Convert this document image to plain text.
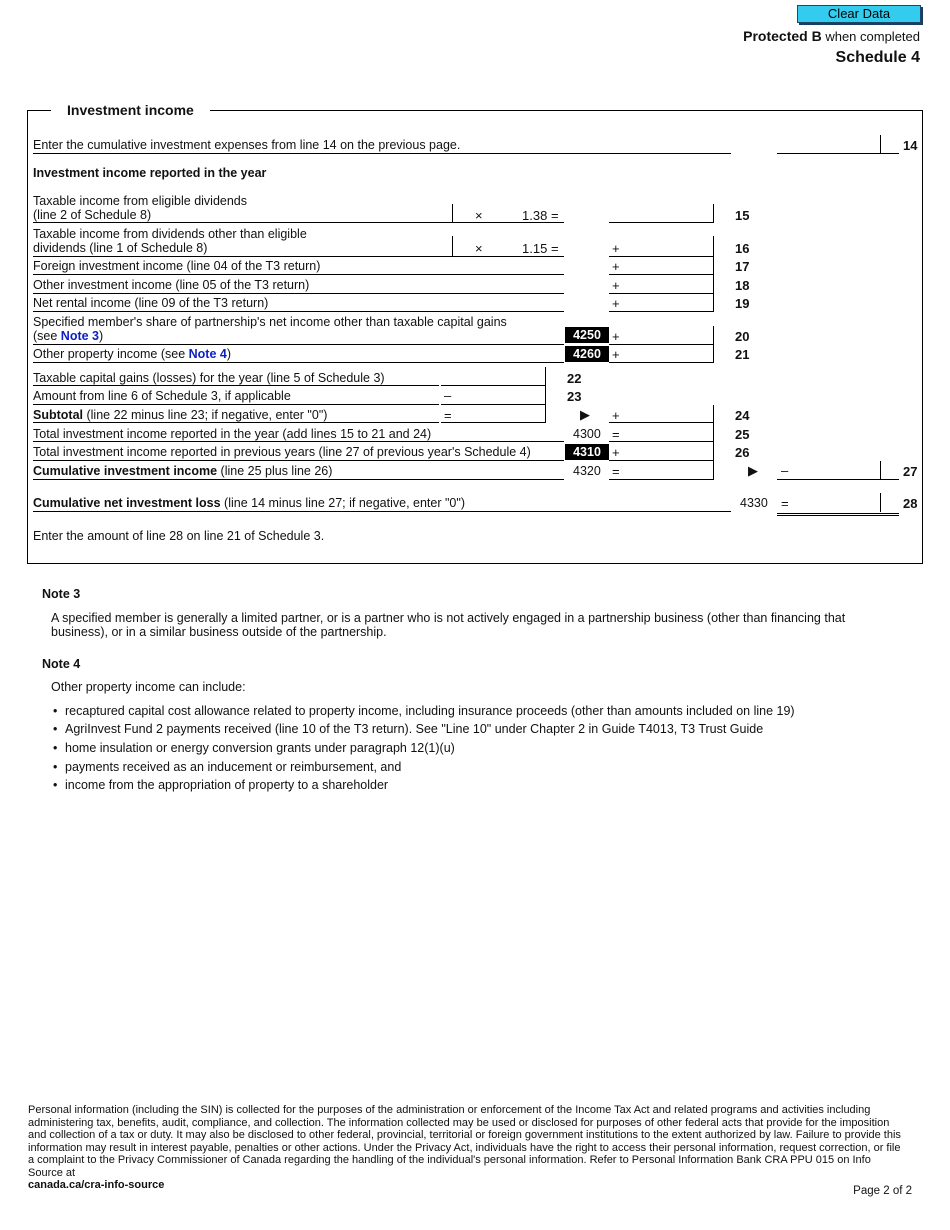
Clear Data
Protected B when completed
Schedule 4
Investment income
Enter the cumulative investment expenses from line 14 on the previous page.	14
Investment income reported in the year
Taxable income from eligible dividends
(line 2 of Schedule 8)	×	1.38 =	15
Taxable income from dividends other than eligible
dividends (line 1 of Schedule 8)	×	1.15 =	+	16
Foreign investment income (line 04 of the T3 return)	+	17
Other investment income (line 05 of the T3 return)	+	18
Net rental income (line 09 of the T3 return)	+	19
Specified member's share of partnership's net income other than taxable capital gains
(see Note 3)	4250 +	20
Other property income (see Note 4)	4260 +	21
Taxable capital gains (losses) for the year (line 5 of Schedule 3)	22
Amount from line 6 of Schedule 3, if applicable	–	23
Subtotal (line 22 minus line 23; if negative, enter "0")	=	▶ +	24
Total investment income reported in the year (add lines 15 to 21 and 24)	4300 =	25
Total investment income reported in previous years (line 27 of previous year's Schedule 4)	4310 +	26
Cumulative investment income (line 25 plus line 26)	4320 =	▶ –	27
Cumulative net investment loss (line 14 minus line 27; if negative, enter "0")	4330 =	28
Enter the amount of line 28 on line 21 of Schedule 3.
Note 3
A specified member is generally a limited partner, or is a partner who is not actively engaged in a partnership business (other than financing that business), or in a similar business outside of the partnership.
Note 4
Other property income can include:
• recaptured capital cost allowance related to property income, including insurance proceeds (other than amounts included on line 19)
• AgriInvest Fund 2 payments received (line 10 of the T3 return). See "Line 10" under Chapter 2 in Guide T4013, T3 Trust Guide
• home insulation or energy conversion grants under paragraph 12(1)(u)
• payments received as an inducement or reimbursement, and
• income from the appropriation of property to a shareholder
Personal information (including the SIN) is collected for the purposes of the administration or enforcement of the Income Tax Act and related programs and activities including administering tax, benefits, audit, compliance, and collection. The information collected may be used or disclosed for purposes of other federal acts that provide for the imposition and collection of a tax or duty. It may also be disclosed to other federal, provincial, territorial or foreign government institutions to the extent authorized by law. Failure to provide this information may result in interest payable, penalties or other actions. Under the Privacy Act, individuals have the right to access their personal information, request correction, or file a complaint to the Privacy Commissioner of Canada regarding the handling of the individual's personal information. Refer to Personal Information Bank CRA PPU 015 on Info Source at
canada.ca/cra-info-source	Page 2 of 2
